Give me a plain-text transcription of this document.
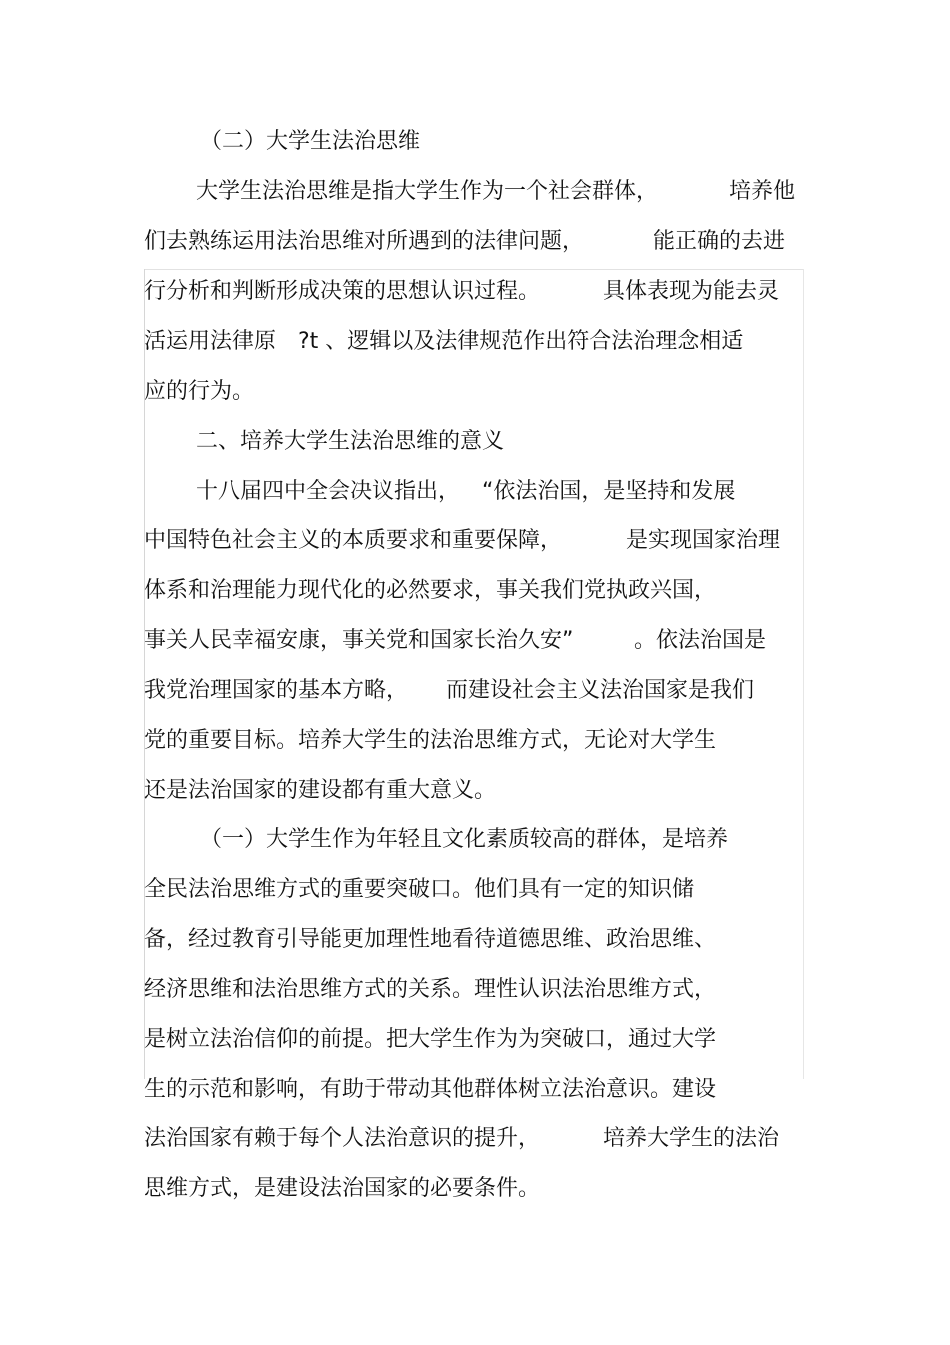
（二）大学生法治思维

大学生法治思维是指大学生作为一个社会群体，

	培养他

们去熟练运用法治思维对所遇到的法律问题，

	能正确的去进

行分析和判断形成决策的思想认识过程。

	具体表现为能去灵

活运用法律原

?t 、逻辑以及法律规范作出符合法治理念相适

应的行为。

二、培养大学生法治思维的意义

十八届四中全会决议指出，

“依法治国，是坚持和发展

中国特色社会主义的本质要求和重要保障，

	是实现国家治理

体系和治理能力现代化的必然要求，事关我们党执政兴国，

事关人民幸福安康，事关党和国家长治久安”

	。依法治国是

我党治理国家的基本方略，

而建设社会主义法治国家是我们

党的重要目标。培养大学生的法治思维方式，无论对大学生

还是法治国家的建设都有重大意义。

（一）大学生作为年轻且文化素质较高的群体，是培养

全民法治思维方式的重要突破口。他们具有一定的知识储

备，经过教育引导能更加理性地看待道德思维、政治思维、

经济思维和法治思维方式的关系。理性认识法治思维方式，

是树立法治信仰的前提。把大学生作为为突破口，通过大学

生的示范和影响，有助于带动其他群体树立法治意识。建设

法治国家有赖于每个人法治意识的提升，

	培养大学生的法治

思维方式，是建设法治国家的必要条件。
